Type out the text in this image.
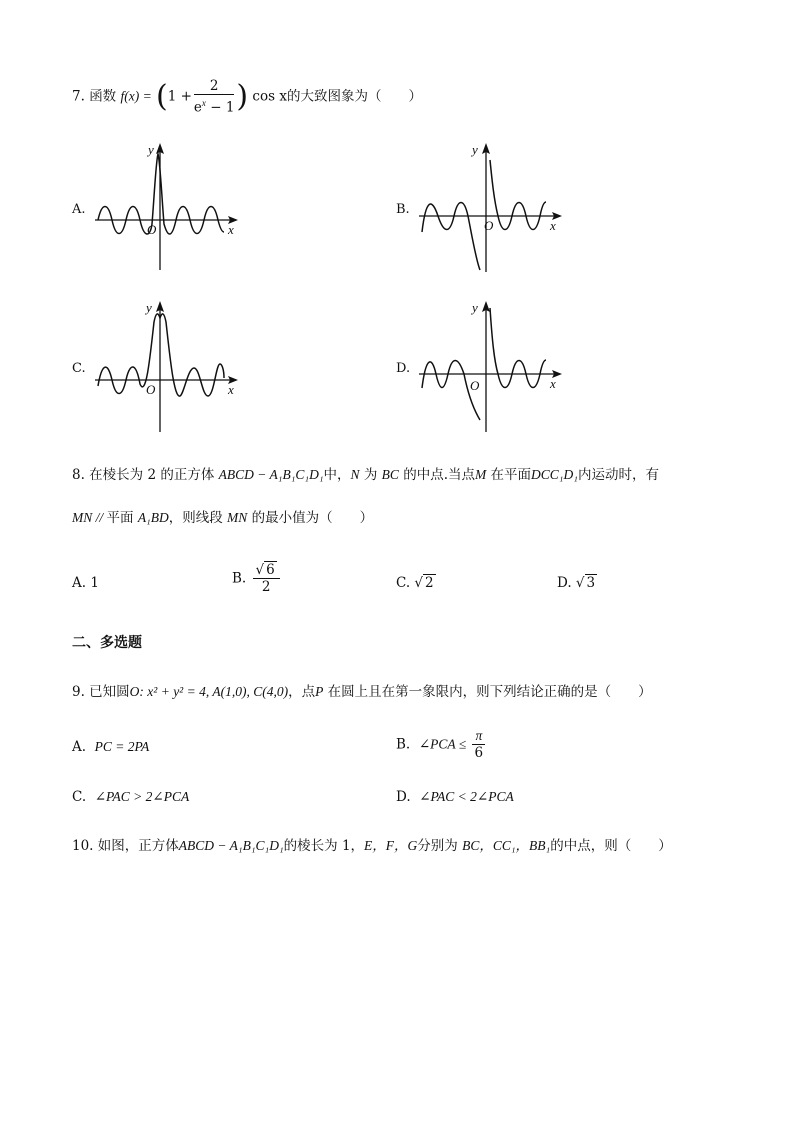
7. 函数 $f(x) = (1 + \frac{2}{e^x - 1}$ ) cos x的大致图象为（　　）
A.
y
x
O
B.
y
x
O
C.
y
x
O
D.
y
x
O
8. 在棱长为 2 的正方体 ABCD − A₁B₁C₁D₁中，N 为 BC 的中点.当点M 在平面DCC₁D₁内运动时，有
MN // 平面 A₁BD，则线段 MN 的最小值为（　　）
A. 1	B. $\frac{√ 6}{2}$	C. √ 2	D. √ 3
二、多选题
9. 已知圆O: x² + y² = 4, A(1,0), C(4,0)，点P 在圆上且在第一象限内，则下列结论正确的是（　　）
A. PC = 2PA	B. ∠PCA ≤ $\frac{\pi}{6}$
C. ∠PAC > 2∠PCA	D. ∠PAC < 2∠PCA
10. 如图，正方体ABCD − A₁B₁C₁D₁的棱长为 1，E，F，G分别为 BC，CC₁，BB₁的中点，则（　　）
